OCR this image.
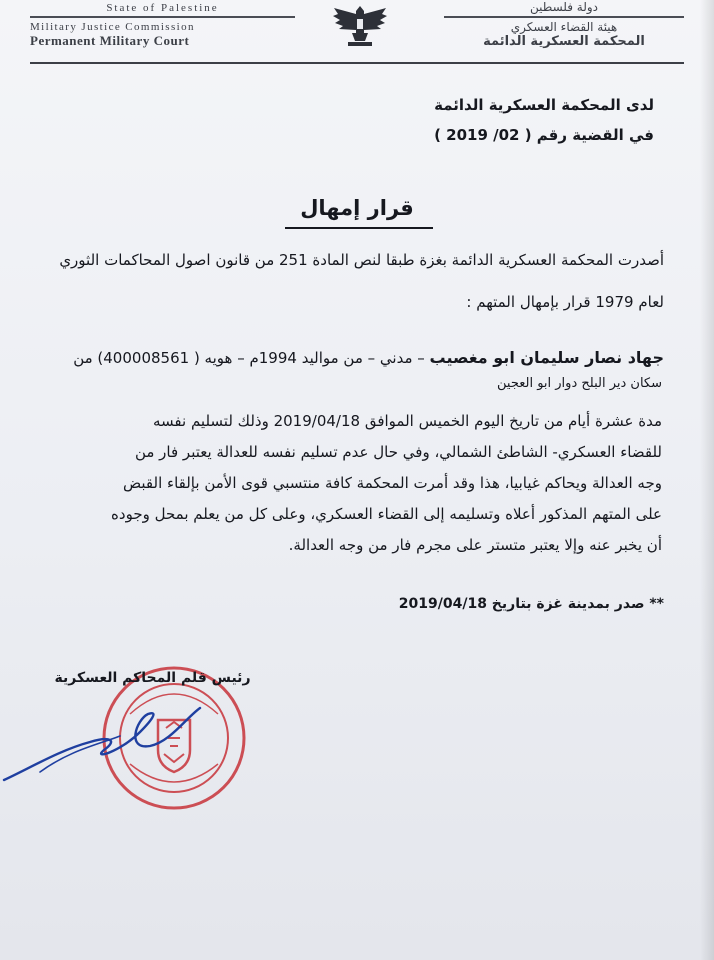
State of Palestine
Military Justice Commission
Permanent Military Court
دولة فلسطين
هيئة القضاء العسكري
المحكمة العسكرية الدائمة
لدى المحكمة العسكرية الدائمة
في القضية رقم ( 02/ 2019 )
قرار إمهال
أصدرت المحكمة العسكرية الدائمة بغزة طبقا لنص المادة 251 من قانون اصول المحاكمات الثوري
لعام 1979 قرار بإمهال المتهم :
جهاد نصار سليمان ابو مغصيب – مدني – من مواليد 1994م – هويه ( 400008561) من
سكان دير البلح دوار ابو العجين
مدة عشرة أيام من تاريخ اليوم الخميس الموافق 2019/04/18 وذلك لتسليم نفسه
للقضاء العسكري- الشاطئ الشمالي، وفي حال عدم تسليم نفسه للعدالة يعتبر فار من
وجه العدالة ويحاكم غيابيا، هذا وقد أمرت المحكمة كافة منتسبي قوى الأمن بإلقاء القبض
على المتهم المذكور أعلاه وتسليمه إلى القضاء العسكري، وعلى كل من يعلم بمحل وجوده
أن يخبر عنه وإلا يعتبر متستر على مجرم فار من وجه العدالة.
** صدر بمدينة غزة بتاريخ 2019/04/18
رئيس قلم المحاكم العسكرية
